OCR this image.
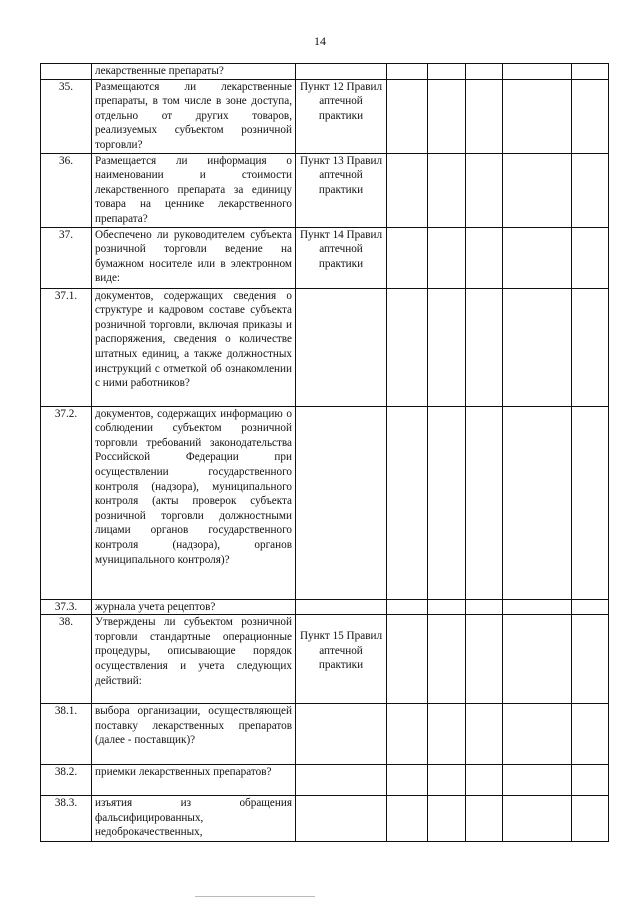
14
	лекарственные препараты?						
35.	Размещаются ли лекарственные препараты, в том числе в зоне доступа, отдельно от других товаров, реализуемых субъектом розничной торговли?	Пункт 12 Правил аптечной практики					
36.	Размещается ли информация о наименовании и стоимости лекарственного препарата за единицу товара на ценнике лекарственного препарата?	Пункт 13 Правил аптечной практики					
37.	Обеспечено ли руководителем субъекта розничной торговли ведение на бумажном носителе или в электронном виде:	Пункт 14 Правил аптечной практики					
37.1.	документов, содержащих сведения о структуре и кадровом составе субъекта розничной торговли, включая приказы и распоряжения, сведения о количестве штатных единиц, а также должностных инструкций с отметкой об ознакомлении с ними работников?						
37.2.	документов, содержащих информацию о соблюдении субъектом розничной торговли требований законодательства Российской Федерации при осуществлении государственного контроля (надзора), муниципального контроля (акты проверок субъекта розничной торговли должностными лицами органов государственного контроля (надзора), органов муниципального контроля)?						
37.3.	журнала учета рецептов?						
38.	Утверждены ли субъектом розничной торговли стандартные операционные процедуры, описывающие порядок осуществления и учета следующих действий:	Пункт 15 Правил аптечной практики					
38.1.	выбора организации, осуществляющей поставку лекарственных препаратов (далее - поставщик)?						
38.2.	приемки лекарственных препаратов?						
38.3.	изъятия из обращения фальсифицированных, недоброкачественных,						
